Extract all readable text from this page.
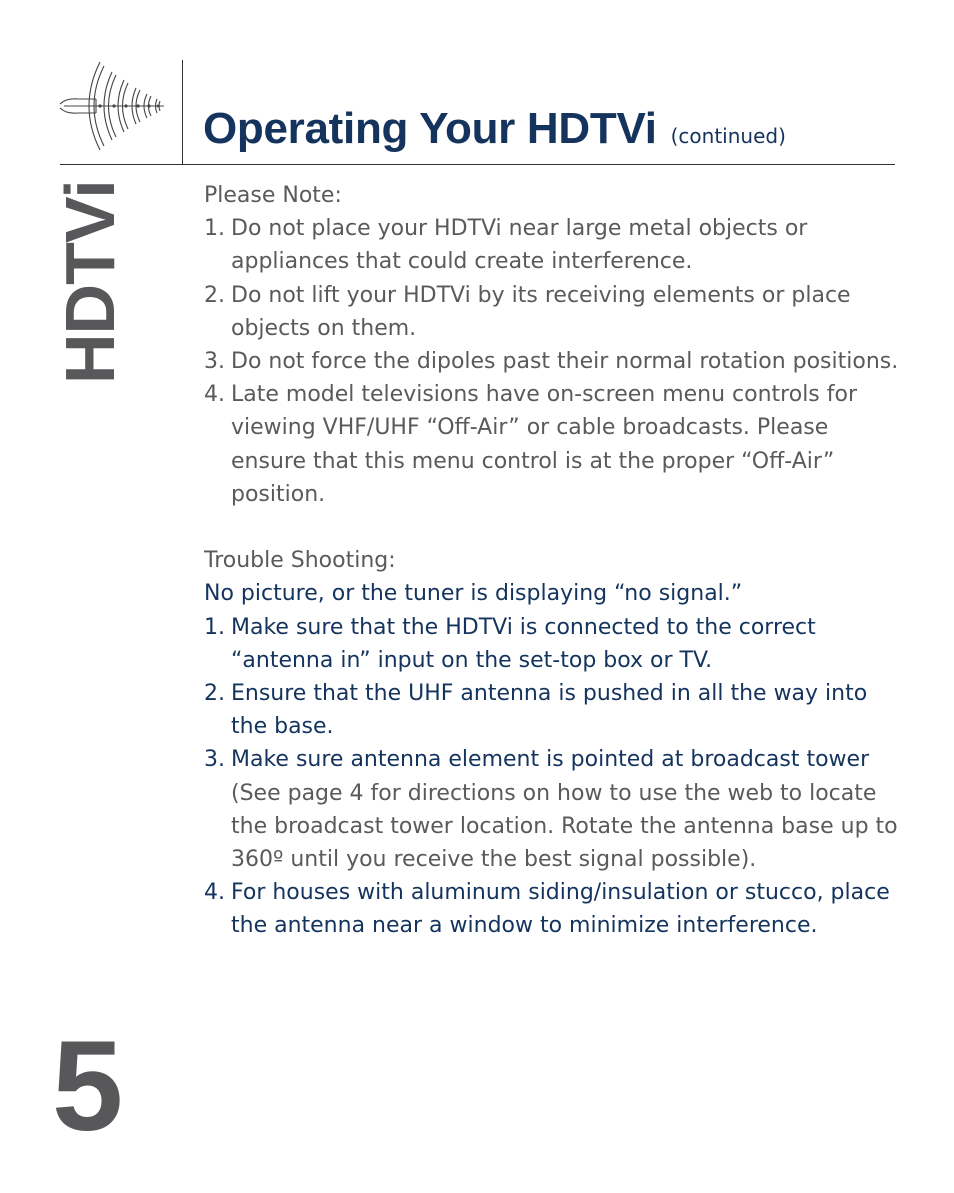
Operating Your HDTVi (continued)
HDTVi
5

Please Note:

1. Do not place your HDTVi near large metal objects or appliances that could create interference.
2. Do not lift your HDTVi by its receiving elements or place objects on them.
3. Do not force the dipoles past their normal rotation positions.
4. Late model televisions have on-screen menu controls for viewing VHF/UHF “Off-Air” or cable broadcasts. Please ensure that this menu control is at the proper “Off-Air” position.

Trouble Shooting:

No picture, or the tuner is displaying “no signal.”

1. Make sure that the HDTVi is connected to the correct “antenna in” input on the set-top box or TV.
2. Ensure that the UHF antenna is pushed in all the way into the base.
3. Make sure antenna element is pointed at broadcast tower (See page 4 for directions on how to use the web to locate the broadcast tower location. Rotate the antenna base up to 360º until you receive the best signal possible).
4. For houses with aluminum siding/insulation or stucco, place the antenna near a window to minimize interference.
